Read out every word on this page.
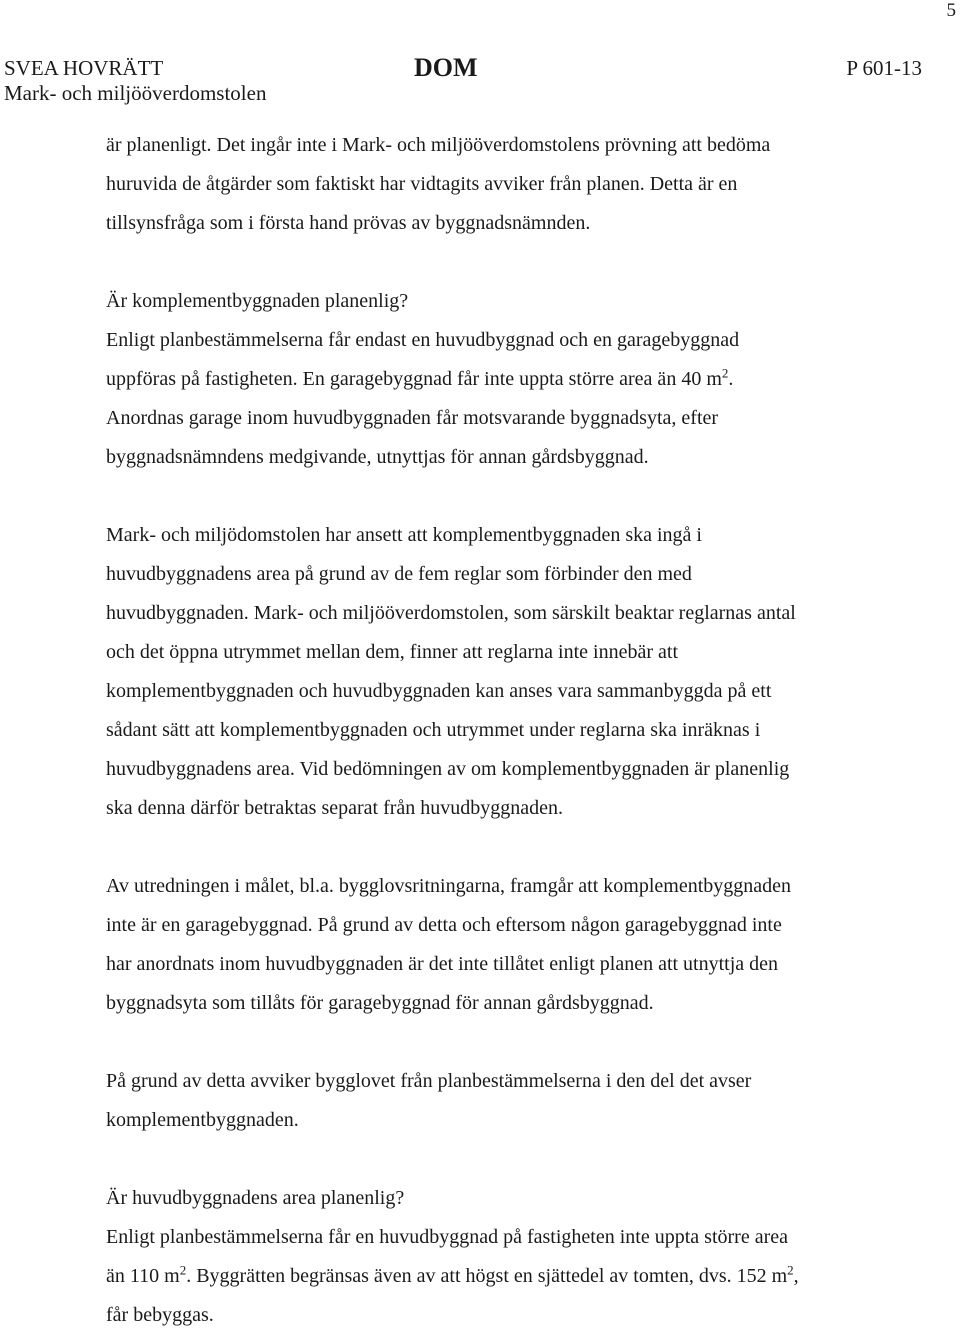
5
SVEA HOVRÄTT
Mark- och miljööverdomstolen
DOM	P 601-13

är planenligt. Det ingår inte i Mark- och miljööverdomstolens prövning att bedöma
huruvida de åtgärder som faktiskt har vidtagits avviker från planen. Detta är en
tillsynsfråga som i första hand prövas av byggnadsnämnden.

Är komplementbyggnaden planenlig?

Enligt planbestämmelserna får endast en huvudbyggnad och en garagebyggnad
uppföras på fastigheten. En garagebyggnad får inte uppta större area än 40 $m^2$.
Anordnas garage inom huvudbyggnaden får motsvarande byggnadsyta, efter
byggnadsnämndens medgivande, utnyttjas för annan gårdsbyggnad.

Mark- och miljödomstolen har ansett att komplementbyggnaden ska ingå i
huvudbyggnadens area på grund av de fem reglar som förbinder den med
huvudbyggnaden. Mark- och miljööverdomstolen, som särskilt beaktar reglarnas antal
och det öppna utrymmet mellan dem, finner att reglarna inte innebär att
komplementbyggnaden och huvudbyggnaden kan anses vara sammanbyggda på ett
sådant sätt att komplementbyggnaden och utrymmet under reglarna ska inräknas i
huvudbyggnadens area. Vid bedömningen av om komplementbyggnaden är planenlig
ska denna därför betraktas separat från huvudbyggnaden.

Av utredningen i målet, bl.a. bygglovsritningarna, framgår att komplementbyggnaden
inte är en garagebyggnad. På grund av detta och eftersom någon garagebyggnad inte
har anordnats inom huvudbyggnaden är det inte tillåtet enligt planen att utnyttja den
byggnadsyta som tillåts för garagebyggnad för annan gårdsbyggnad.

På grund av detta avviker bygglovet från planbestämmelserna i den del det avser
komplementbyggnaden.

Är huvudbyggnadens area planenlig?

Enligt planbestämmelserna får en huvudbyggnad på fastigheten inte uppta större area
än 110 $m^2$. Byggrätten begränsas även av att högst en sjättedel av tomten, dvs. 152 $m^2$,
får bebyggas.
